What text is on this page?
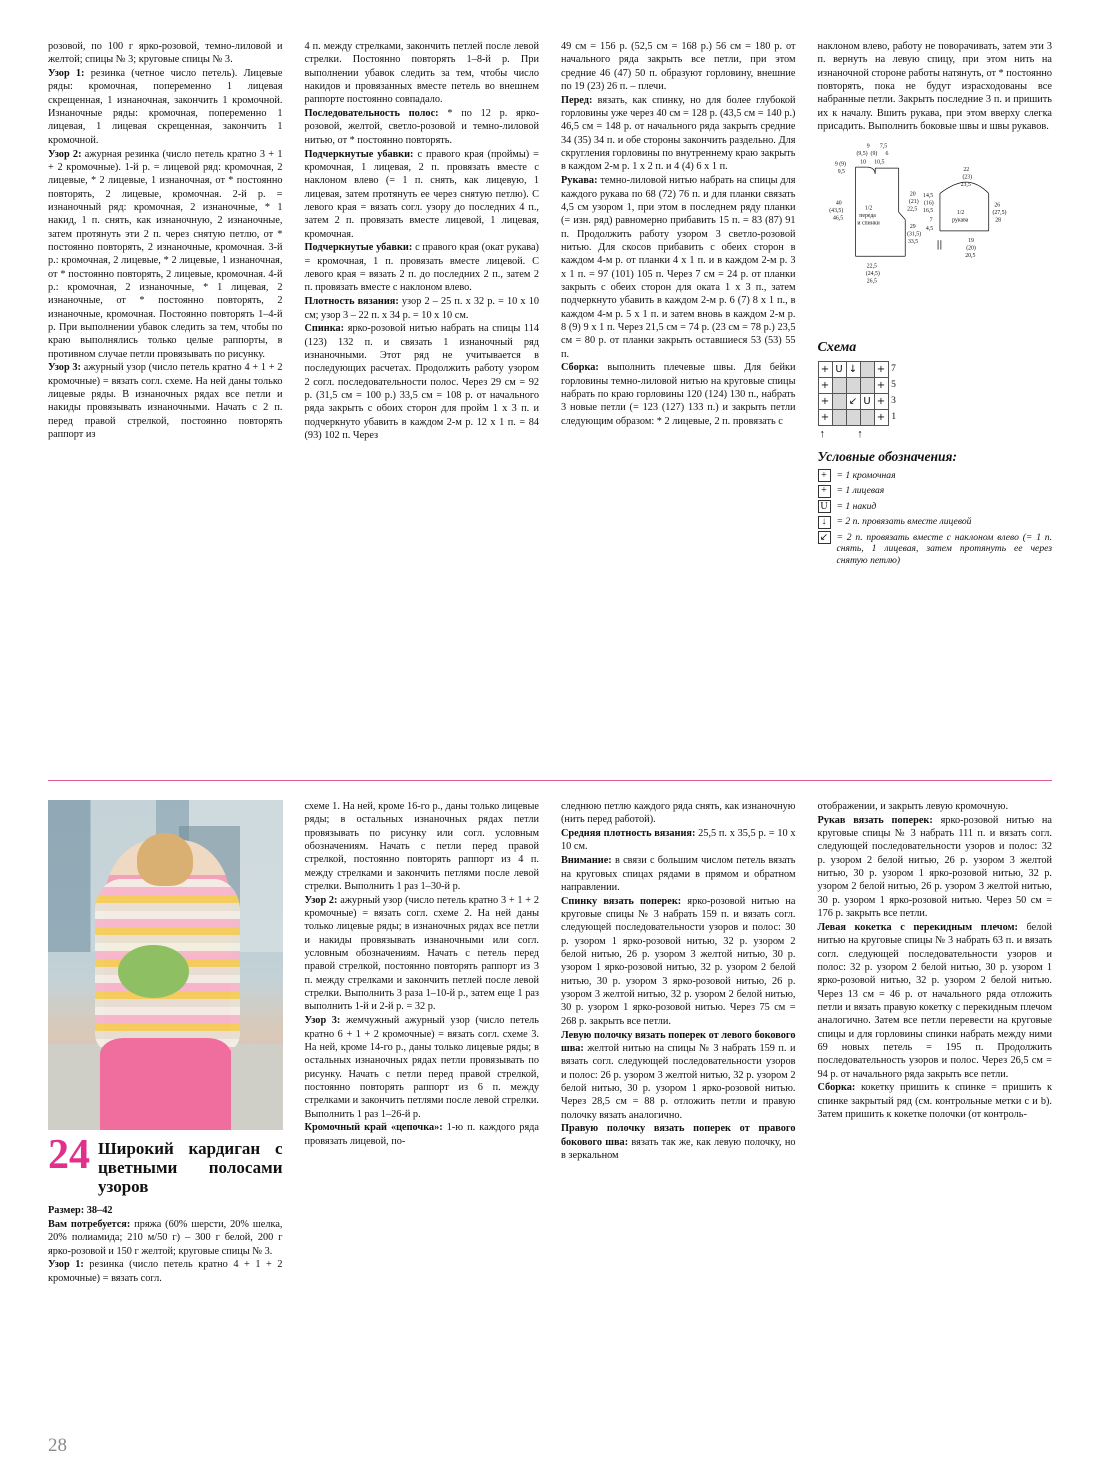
розовой, по 100 г ярко-розовой, темно-лиловой и желтой; спицы № 3; круговые спицы № 3.

Узор 1: резинка (четное число петель). Лицевые ряды: кромочная, попеременно 1 лицевая скрещенная, 1 изнаночная, закончить 1 кромочной. Изнаночные ряды: кромочная, попеременно 1 лицевая, 1 лицевая скрещенная, закончить 1 кромочной.

Узор 2: ажурная резинка (число петель кратно 3 + 1 + 2 кромочные). 1-й р. = лицевой ряд: кромочная, 2 лицевые, * 2 лицевые, 1 изнаночная, от * постоянно повторять, 2 лицевые, кромочная. 2-й р. = изнаночный ряд: кромочная, 2 изнаночные, * 1 накид, 1 п. снять, как изнаночную, 2 изнаночные, затем протянуть эти 2 п. через снятую петлю, от * постоянно повторять, 2 изнаночные, кромочная. 3-й р.: кромочная, 2 лицевые, * 2 лицевые, 1 изнаночная, от * постоянно повторять, 2 лицевые, кромочная. 4-й р.: кромочная, 2 изнаночные, * 1 лицевая, 2 изнаночные, от * постоянно повторять, 2 изнаночные, кромочная. Постоянно повторять 1–4-й р. При выполнении убавок следить за тем, чтобы по краю выполнялись только целые раппорты, в противном случае петли провязывать по рисунку.

Узор 3: ажурный узор (число петель кратно 4 + 1 + 2 кромочные) = вязать согл. схеме. На ней даны только лицевые ряды. В изнаночных рядах все петли и накиды провязывать изнаночными. Начать с 2 п. перед правой стрелкой, постоянно повторять раппорт из

4 п. между стрелками, закончить петлей после левой стрелки. Постоянно повторять 1–8-й р. При выполнении убавок следить за тем, чтобы число накидов и провязанных вместе петель во внешнем раппорте постоянно совпадало.

Последовательность полос: * по 12 р. ярко-розовой, желтой, светло-розовой и темно-лиловой нитью, от * постоянно повторять.

Подчеркнутые убавки: с правого края (проймы) = кромочная, 1 лицевая, 2 п. провязать вместе с наклоном влево (= 1 п. снять, как лицевую, 1 лицевая, затем протянуть ее через снятую петлю). С левого края = вязать согл. узору до последних 4 п., затем 2 п. провязать вместе лицевой, 1 лицевая, кромочная.

Подчеркнутые убавки: с правого края (окат рукава) = кромочная, 1 п. провязать вместе лицевой. С левого края = вязать 2 п. до последних 2 п., затем 2 п. провязать вместе с наклоном влево.

Плотность вязания: узор 2 – 25 п. х 32 р. = 10 х 10 см; узор 3 – 22 п. х 34 р. = 10 х 10 см.

Спинка: ярко-розовой нитью набрать на спицы 114 (123) 132 п. и связать 1 изнаночный ряд изнаночными. Этот ряд не учитывается в последующих расчетах. Продолжить работу узором 2 согл. последовательности полос. Через 29 см = 92 р. (31,5 см = 100 р.) 33,5 см = 108 р. от начального ряда закрыть с обоих сторон для пройм 1 х 3 п. и подчеркнуто убавить в каждом 2-м р. 12 х 1 п. = 84 (93) 102 п. Через

49 см = 156 р. (52,5 см = 168 р.) 56 см = 180 р. от начального ряда закрыть все петли, при этом средние 46 (47) 50 п. образуют горловину, внешние по 19 (23) 26 п. – плечи.

Перед: вязать, как спинку, но для более глубокой горловины уже через 40 см = 128 р. (43,5 см = 140 р.) 46,5 см = 148 р. от начального ряда закрыть средние 34 (35) 34 п. и обе стороны закончить раздельно. Для скругления горловины по внутреннему краю закрыть в каждом 2-м р. 1 х 2 п. и 4 (4) 6 х 1 п.

Рукава: темно-лиловой нитью набрать на спицы для каждого рукава по 68 (72) 76 п. и для планки связать 4,5 см узором 1, при этом в последнем ряду планки (= изн. ряд) равномерно прибавить 15 п. = 83 (87) 91 п. Продолжить работу узором 3 светло-розовой нитью. Для скосов прибавить с обеих сторон в каждом 4-м р. от планки 4 х 1 п. и в каждом 2-м р. 3 х 1 п. = 97 (101) 105 п. Через 7 см = 24 р. от планки закрыть с обеих сторон для оката 1 х 3 п., затем подчеркнуто убавить в каждом 2-м р. 6 (7) 8 х 1 п., в каждом 4-м р. 5 х 1 п. и затем вновь в каждом 2-м р. 8 (9) 9 х 1 п. Через 21,5 см = 74 р. (23 см = 78 р.) 23,5 см = 80 р. от планки закрыть оставшиеся 53 (53) 55 п.

Сборка: выполнить плечевые швы. Для бейки горловины темно-лиловой нитью на круговые спицы набрать по краю горловины 120 (124) 130 п., набрать 3 новые петли (= 123 (127) 133 п.) и закрыть петли следующим образом: * 2 лицевые, 2 п. провязать с

наклоном влево, работу не поворачивать, затем эти 3 п. вернуть на левую спицу, при этом нить на изнаночной стороне работы натянуть, от * постоянно повторять, пока не будут израсходованы все набранные петли. Закрыть последние 3 п. и пришить их к началу. Вшить рукава, при этом вверху слегка присадить. Выполнить боковые швы и швы рукавов.

9 7,5
(9,5) (9) 6
10 10,5
9 (9)
9,5
40
(43,5)
46,5
1/2
переда
и спинки
20
(21)
22,5
29
(31,5)
33,5
22,5
(24,5)
26,5
22
(23)
23,5
14,5
(16)
16,5
7
4,5
1/2
рукава
26
(27,5)
28
19
(20)
20,5
Схема
+	U	↓		+	7
+				+	5
+		↙	U	+	3
+				+	1
↑   ↑
Условные обозначения:
+	= 1 кромочная
+	= 1 лицевая
U = 1 накид
↓	= 2 п. провязать вместе лицевой
↙ = 2 п. провязать вместе с наклоном влево (= 1 п. снять, 1 лицевая, затем протянуть ее через снятую петлю)
24 Широкий кардиган с цветными полосами узоров

Размер: 38–42

Вам потребуется: пряжа (60% шерсти, 20% шелка, 20% полиамида; 210 м/50 г) – 300 г белой, 200 г ярко-розовой и 150 г желтой; круговые спицы № 3.

Узор 1: резинка (число петель кратно 4 + 1 + 2 кромочные) = вязать согл.

схеме 1. На ней, кроме 16-го р., даны только лицевые ряды; в остальных изнаночных рядах петли провязывать по рисунку или согл. условным обозначениям. Начать с петли перед правой стрелкой, постоянно повторять раппорт из 4 п. между стрелками и закончить петлями после левой стрелки. Выполнить 1 раз 1–30-й р.

Узор 2: ажурный узор (число петель кратно 3 + 1 + 2 кромочные) = вязать согл. схеме 2. На ней даны только лицевые ряды; в изнаночных рядах все петли и накиды провязывать изнаночными или согл. условным обозначениям. Начать с петель перед правой стрелкой, постоянно повторять раппорт из 3 п. между стрелками и закончить петлей после левой стрелки. Выполнить 3 раза 1–10-й р., затем еще 1 раз выполнить 1-й и 2-й р. = 32 р.

Узор 3: жемчужный ажурный узор (число петель кратно 6 + 1 + 2 кромочные) = вязать согл. схеме 3. На ней, кроме 14-го р., даны только лицевые ряды; в остальных изнаночных рядах петли провязывать по рисунку. Начать с петли перед правой стрелкой, постоянно повторять раппорт из 6 п. между стрелками и закончить петлями после левой стрелки. Выполнить 1 раз 1–26-й р.

Кромочный край «цепочка»: 1-ю п. каждого ряда провязать лицевой, по-

следнюю петлю каждого ряда снять, как изнаночную (нить перед работой).

Средняя плотность вязания: 25,5 п. х 35,5 р. = 10 х 10 см.

Внимание: в связи с большим числом петель вязать на круговых спицах рядами в прямом и обратном направлении.

Спинку вязать поперек: ярко-розовой нитью на круговые спицы № 3 набрать 159 п. и вязать согл. следующей последовательности узоров и полос: 30 р. узором 1 ярко-розовой нитью, 32 р. узором 2 белой нитью, 26 р. узором 3 желтой нитью, 30 р. узором 1 ярко-розовой нитью, 32 р. узором 2 белой нитью, 30 р. узором 3 ярко-розовой нитью, 26 р. узором 3 желтой нитью, 32 р. узором 2 белой нитью, 30 р. узором 1 ярко-розовой нитью. Через 75 см = 268 р. закрыть все петли.

Левую полочку вязать поперек от левого бокового шва: желтой нитью на спицы № 3 набрать 159 п. и вязать согл. следующей последовательности узоров и полос: 26 р. узором 3 желтой нитью, 32 р. узором 2 белой нитью, 30 р. узором 1 ярко-розовой нитью. Через 28,5 см = 88 р. отложить петли и правую полочку вязать аналогично.

Правую полочку вязать поперек от правого бокового шва: вязать так же, как левую полочку, но в зеркальном

отображении, и закрыть левую кромочную.

Рукав вязать поперек: ярко-розовой нитью на круговые спицы № 3 набрать 111 п. и вязать согл. следующей последовательности узоров и полос: 32 р. узором 2 белой нитью, 26 р. узором 3 желтой нитью, 30 р. узором 1 ярко-розовой нитью, 32 р. узором 2 белой нитью, 26 р. узором 3 желтой нитью, 30 р. узором 1 ярко-розовой нитью. Через 50 см = 176 р. закрыть все петли.

Левая кокетка с перекидным плечом: белой нитью на круговые спицы № 3 набрать 63 п. и вязать согл. следующей последовательности узоров и полос: 32 р. узором 2 белой нитью, 30 р. узором 1 ярко-розовой нитью, 32 р. узором 2 белой нитью. Через 13 см = 46 р. от начального ряда отложить петли и вязать правую кокетку с перекидным плечом аналогично. Затем все петли перевести на круговые спицы и для горловины спинки набрать между ними 69 новых петель = 195 п. Продолжить последовательность узоров и полос. Через 26,5 см = 94 р. от начального ряда закрыть все петли.

Сборка: кокетку пришить к спинке = пришить к спинке закрытый ряд (см. контрольные метки c и b). Затем пришить к кокетке полочки (от контроль-

28
